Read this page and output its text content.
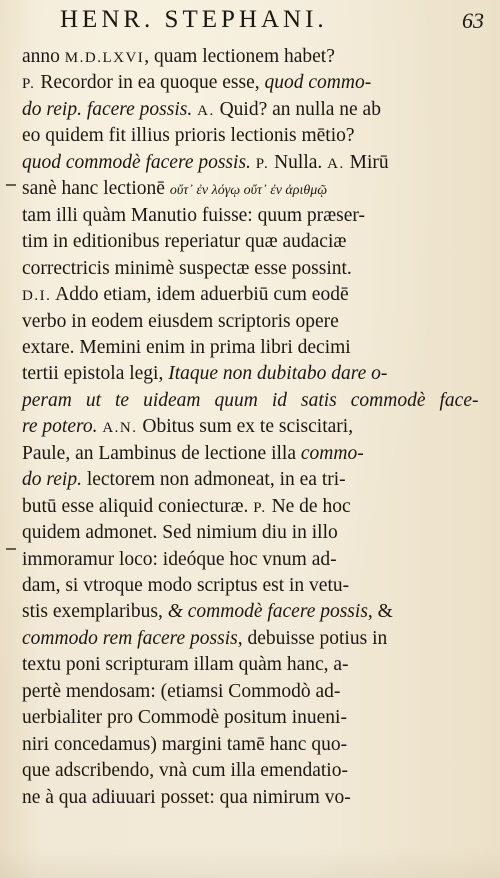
HENR. STEPHANI.	63
anno M.D.LXVI, quam lectionem habet?
P. Recordor in ea quoque esse, quod commo-
do reip. facere possis. A. Quid? an nulla ne ab
eo quidem fit illius prioris lectionis mētio?
quod commodè facere possis. P. Nulla. A. Mirū
sanè hanc lectionē οὔτ᾽ ἐν λόγῳ οὔτ᾽ ἐν ἀριθμῷ
tam illi quàm Manutio fuisse: quum præser-
tim in editionibus reperiatur quæ audaciæ
correctricis minimè suspectæ esse possint.
D.I. Addo etiam, idem aduerbiū cum eodē
verbo in eodem eiusdem scriptoris opere
extare. Memini enim in prima libri decimi
tertii epistola legi, Itaque non dubitabo dare o-
peram ut te uideam quum id satis commodè face-
re potero. A.N. Obitus sum ex te sciscitari,
Paule, an Lambinus de lectione illa commo-
do reip. lectorem non admoneat, in ea tri-
butū esse aliquid coniecturæ. P. Ne de hoc
quidem admonet. Sed nimium diu in illo
immoramur loco: ideóque hoc vnum ad-
dam, si vtroque modo scriptus est in vetu-
stis exemplaribus, & commodè facere possis, &
commodo rem facere possis, debuisse potius in
textu poni scripturam illam quàm hanc, a-
pertè mendosam: (etiamsi Commodò ad-
uerbialiter pro Commodè positum inueni-
niri concedamus) margini tamē hanc quo-
que adscribendo, vnà cum illa emendatio-
ne à qua adiuuari posset: qua nimirum vo-
